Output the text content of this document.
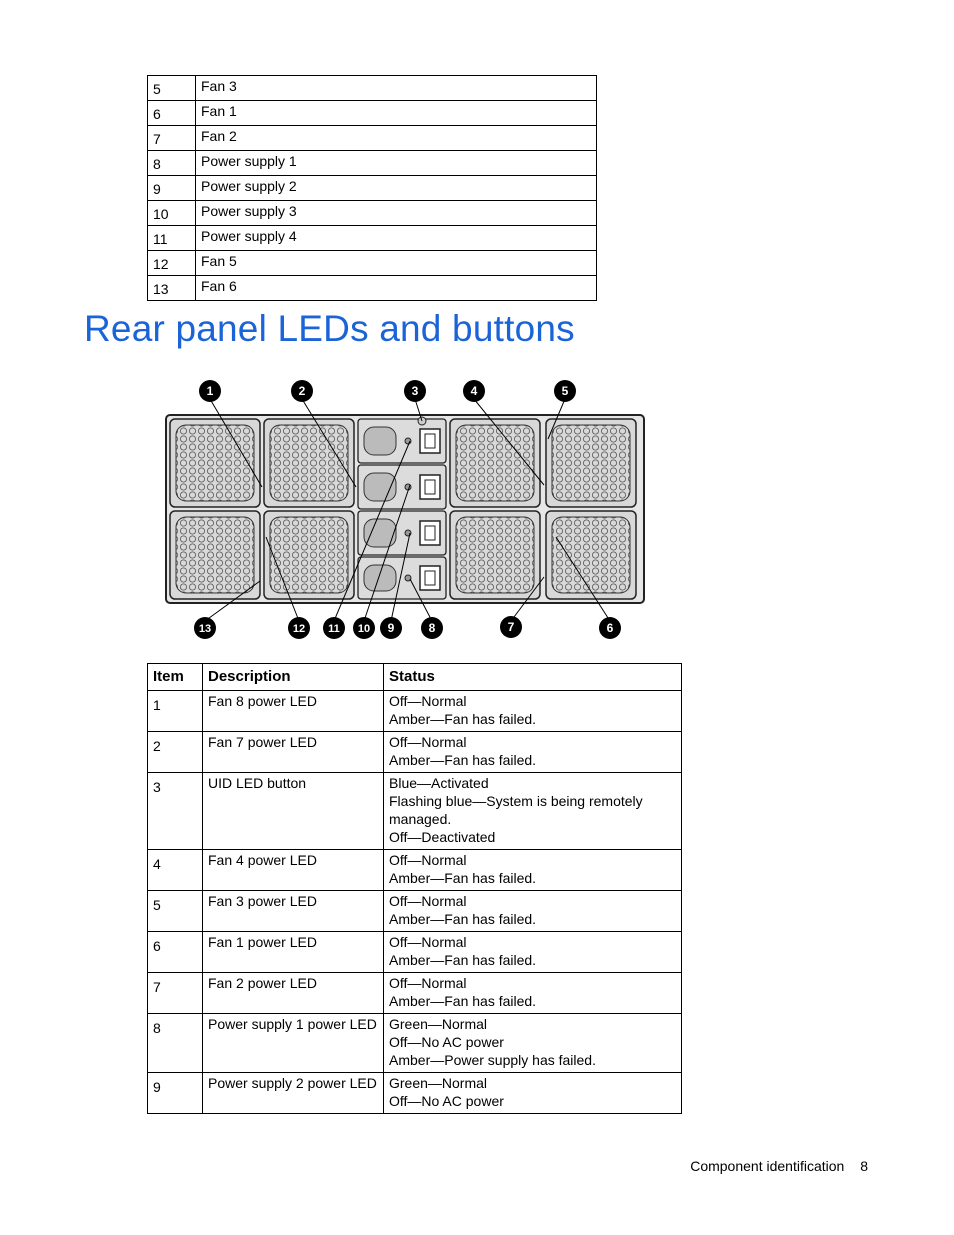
5	Fan 3
6	Fan 1
7	Fan 2
8	Power supply 1
9	Power supply 2
10	Power supply 3
11	Power supply 4
12	Fan 5
13	Fan 6
Rear panel LEDs and buttons
1	2	3	4	5
6
7
8
9
10
11
12
13
Item	Description	Status
1	Fan 8 power LED	Off—Normal
Amber—Fan has failed.

2	Fan 7 power LED	Off—Normal
Amber—Fan has failed.

3	UID LED button	Blue—Activated
Flashing blue—System is being remotely managed.
Off—Deactivated

4	Fan 4 power LED	Off—Normal
Amber—Fan has failed.

5	Fan 3 power LED	Off—Normal
Amber—Fan has failed.

6	Fan 1 power LED	Off—Normal
Amber—Fan has failed.

7	Fan 2 power LED	Off—Normal
Amber—Fan has failed.

8	Power supply 1 power LED	Green—Normal
Off—No AC power
Amber—Power supply has failed.

9	Power supply 2 power LED	Green—Normal
Off—No AC power
Component identification 8
